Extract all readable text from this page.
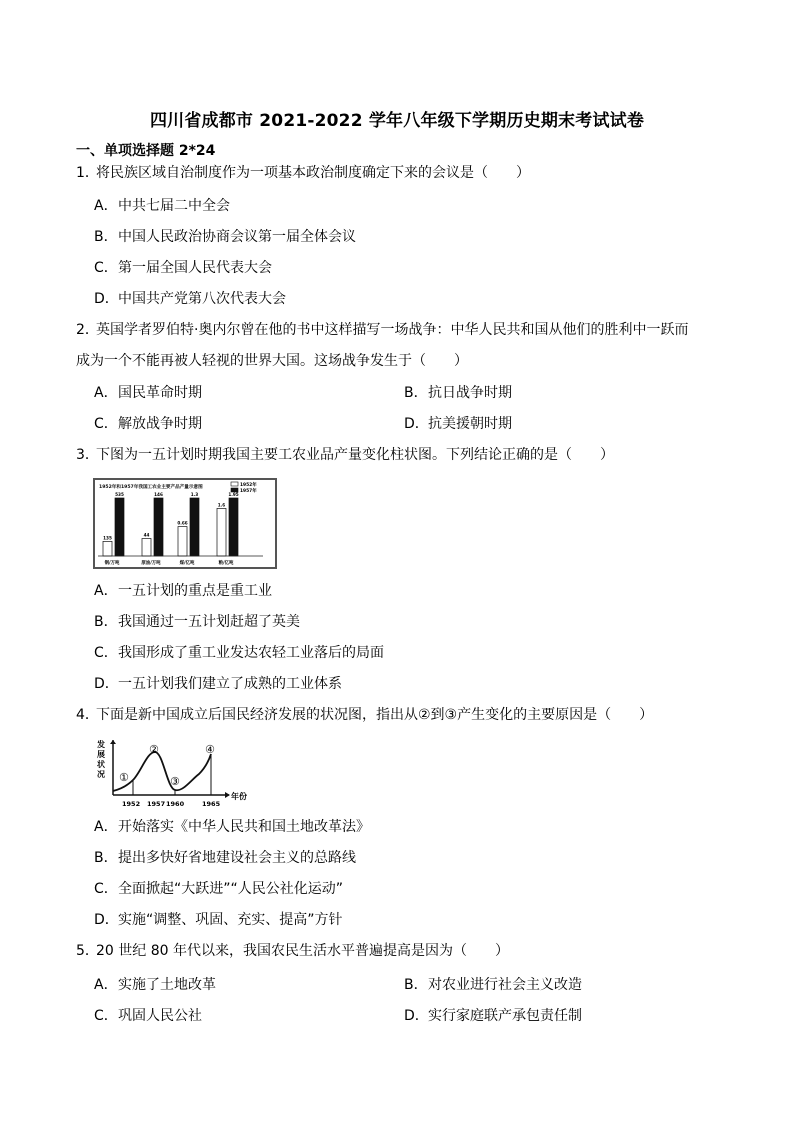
四川省成都市 2021-2022 学年八年级下学期历史期末考试试卷
一、单项选择题 2*24
1．将民族区域自治制度作为一项基本政治制度确定下来的会议是（　　）
A．中共七届二中全会
B．中国人民政治协商会议第一届全体会议
C．第一届全国人民代表大会
D．中国共产党第八次代表大会
2．英国学者罗伯特·奥内尔曾在他的书中这样描写一场战争：中华人民共和国从他们的胜利中一跃而
成为一个不能再被人轻视的世界大国。这场战争发生于（　　）
A．国民革命时期	B．抗日战争时期
C．解放战争时期	D．抗美援朝时期
3．下图为一五计划时期我国主要工农业品产量变化柱状图。下列结论正确的是（　　）
1952年和1957年我国工农业主要产品产量示意图	1952年
1957年
135
535
44
146
0.66
1.3
1.6
1.95
钢/万吨	原油/万吨	煤/亿吨	粮/亿吨
A．一五计划的重点是重工业
B．我国通过一五计划赶超了英美
C．我国形成了重工业发达农轻工业落后的局面
D．一五计划我们建立了成熟的工业体系
4．下面是新中国成立后国民经济发展的状况图，指出从②到③产生变化的主要原因是（　　）
发
展
状
况
年份
①
②
③
④
1952 1957 1960	1965
A．开始落实《中华人民共和国土地改革法》
B．提出多快好省地建设社会主义的总路线
C．全面掀起“大跃进”“人民公社化运动”
D．实施“调整、巩固、充实、提高”方针
5．20 世纪 80 年代以来，我国农民生活水平普遍提高是因为（　　）
A．实施了土地改革	B．对农业进行社会主义改造
C．巩固人民公社	D．实行家庭联产承包责任制
